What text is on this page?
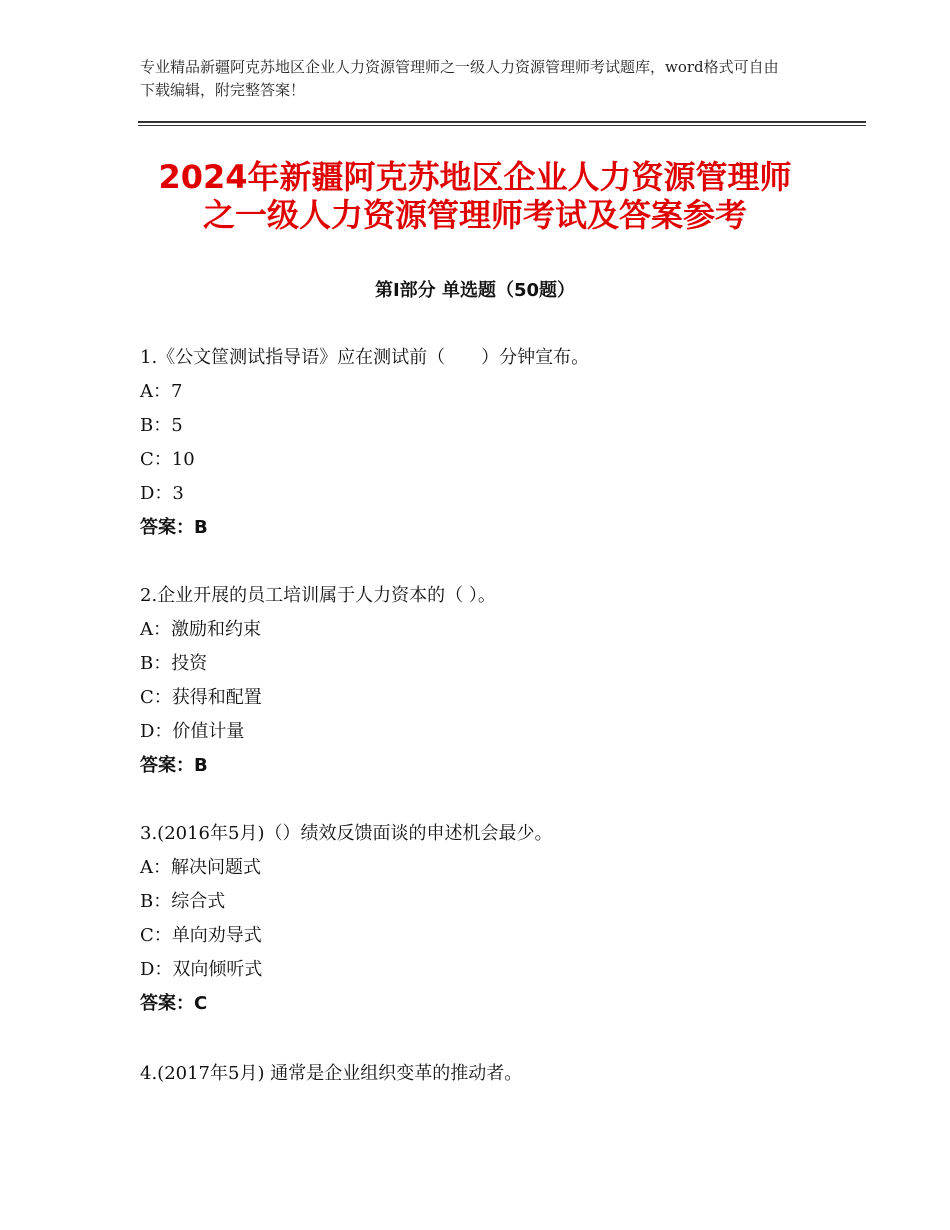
专业精品新疆阿克苏地区企业人力资源管理师之一级人力资源管理师考试题库，word格式可自由下载编辑，附完整答案！
2024年新疆阿克苏地区企业人力资源管理师
之一级人力资源管理师考试及答案参考
第Ⅰ部分 单选题（50题）
1.《公文筐测试指导语》应在测试前（　　）分钟宣布。
A：7
B：5
C：10
D：3
答案：B
2.企业开展的员工培训属于人力资本的（ ）。
A：激励和约束
B：投资
C：获得和配置
D：价值计量
答案：B
3.(2016年5月)（）绩效反馈面谈的申述机会最少。
A：解决问题式
B：综合式
C：单向劝导式
D：双向倾听式
答案：C
4.(2017年5月) 通常是企业组织变革的推动者。
